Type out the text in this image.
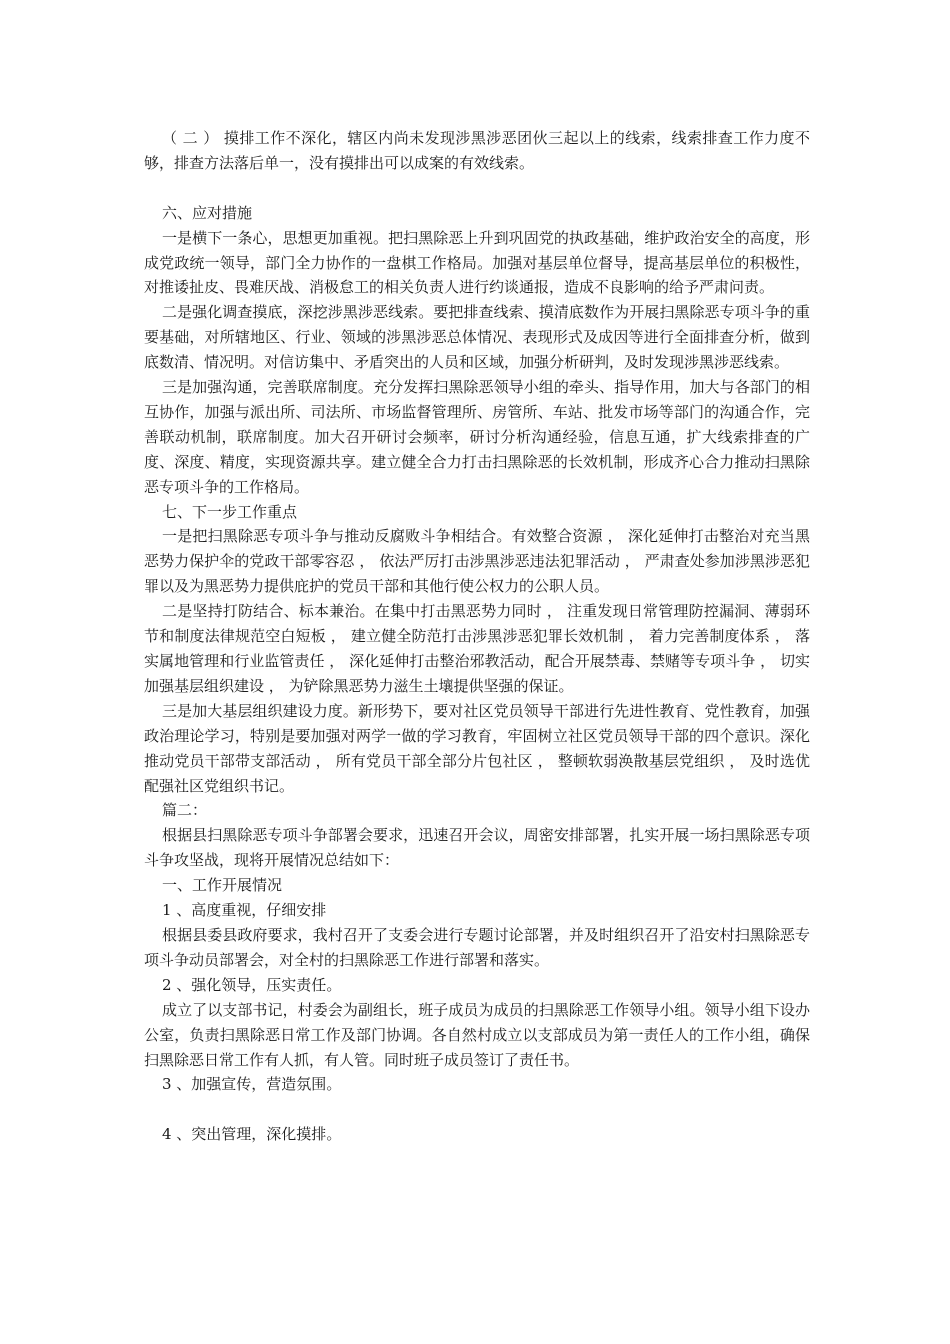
（ 二 ） 摸排工作不深化，辖区内尚未发现涉黑涉恶团伙三起以上的线索，线索排查工作力度不够，排查方法落后单一，没有摸排出可以成案的有效线索。

六、应对措施

一是横下一条心，思想更加重视。把扫黑除恶上升到巩固党的执政基础，维护政治安全的高度，形成党政统一领导，部门全力协作的一盘棋工作格局。加强对基层单位督导，提高基层单位的积极性，对推诿扯皮、畏难厌战、消极怠工的相关负责人进行约谈通报，造成不良影响的给予严肃问责。

二是强化调查摸底，深挖涉黑涉恶线索。要把排查线索、摸清底数作为开展扫黑除恶专项斗争的重要基础，对所辖地区、行业、领域的涉黑涉恶总体情况、表现形式及成因等进行全面排查分析，做到底数清、情况明。对信访集中、矛盾突出的人员和区域，加强分析研判，及时发现涉黑涉恶线索。

三是加强沟通，完善联席制度。充分发挥扫黑除恶领导小组的牵头、指导作用，加大与各部门的相互协作，加强与派出所、司法所、市场监督管理所、房管所、车站、批发市场等部门的沟通合作，完善联动机制，联席制度。加大召开研讨会频率，研讨分析沟通经验，信息互通，扩大线索排查的广度、深度、精度，实现资源共享。建立健全合力打击扫黑除恶的长效机制，形成齐心合力推动扫黑除恶专项斗争的工作格局。

七、下一步工作重点

一是把扫黑除恶专项斗争与推动反腐败斗争相结合。有效整合资源 ， 深化延伸打击整治对充当黑恶势力保护伞的党政干部零容忍 ， 依法严厉打击涉黑涉恶违法犯罪活动 ， 严肃查处参加涉黑涉恶犯罪以及为黑恶势力提供庇护的党员干部和其他行使公权力的公职人员。

二是坚持打防结合、标本兼治。在集中打击黑恶势力同时 ， 注重发现日常管理防控漏洞、薄弱环节和制度法律规范空白短板 ， 建立健全防范打击涉黑涉恶犯罪长效机制 ， 着力完善制度体系 ， 落实属地管理和行业监管责任 ， 深化延伸打击整治邪教活动，配合开展禁毒、禁赌等专项斗争 ， 切实加强基层组织建设 ， 为铲除黑恶势力滋生土壤提供坚强的保证。

三是加大基层组织建设力度。新形势下，要对社区党员领导干部进行先进性教育、党性教育，加强政治理论学习，特别是要加强对两学一做的学习教育，牢固树立社区党员领导干部的四个意识。深化推动党员干部带支部活动 ， 所有党员干部全部分片包社区 ， 整顿软弱涣散基层党组织 ， 及时选优配强社区党组织书记。

篇二：

根据县扫黑除恶专项斗争部署会要求，迅速召开会议，周密安排部署，扎实开展一场扫黑除恶专项斗争攻坚战，现将开展情况总结如下：

一、工作开展情况

1 、高度重视，仔细安排

根据县委县政府要求，我村召开了支委会进行专题讨论部署，并及时组织召开了沿安村扫黑除恶专项斗争动员部署会，对全村的扫黑除恶工作进行部署和落实。

2 、强化领导，压实责任。

成立了以支部书记，村委会为副组长，班子成员为成员的扫黑除恶工作领导小组。领导小组下设办公室，负责扫黑除恶日常工作及部门协调。各自然村成立以支部成员为第一责任人的工作小组，确保扫黑除恶日常工作有人抓，有人管。同时班子成员签订了责任书。

3 、加强宣传，营造氛围。

4 、突出管理，深化摸排。
